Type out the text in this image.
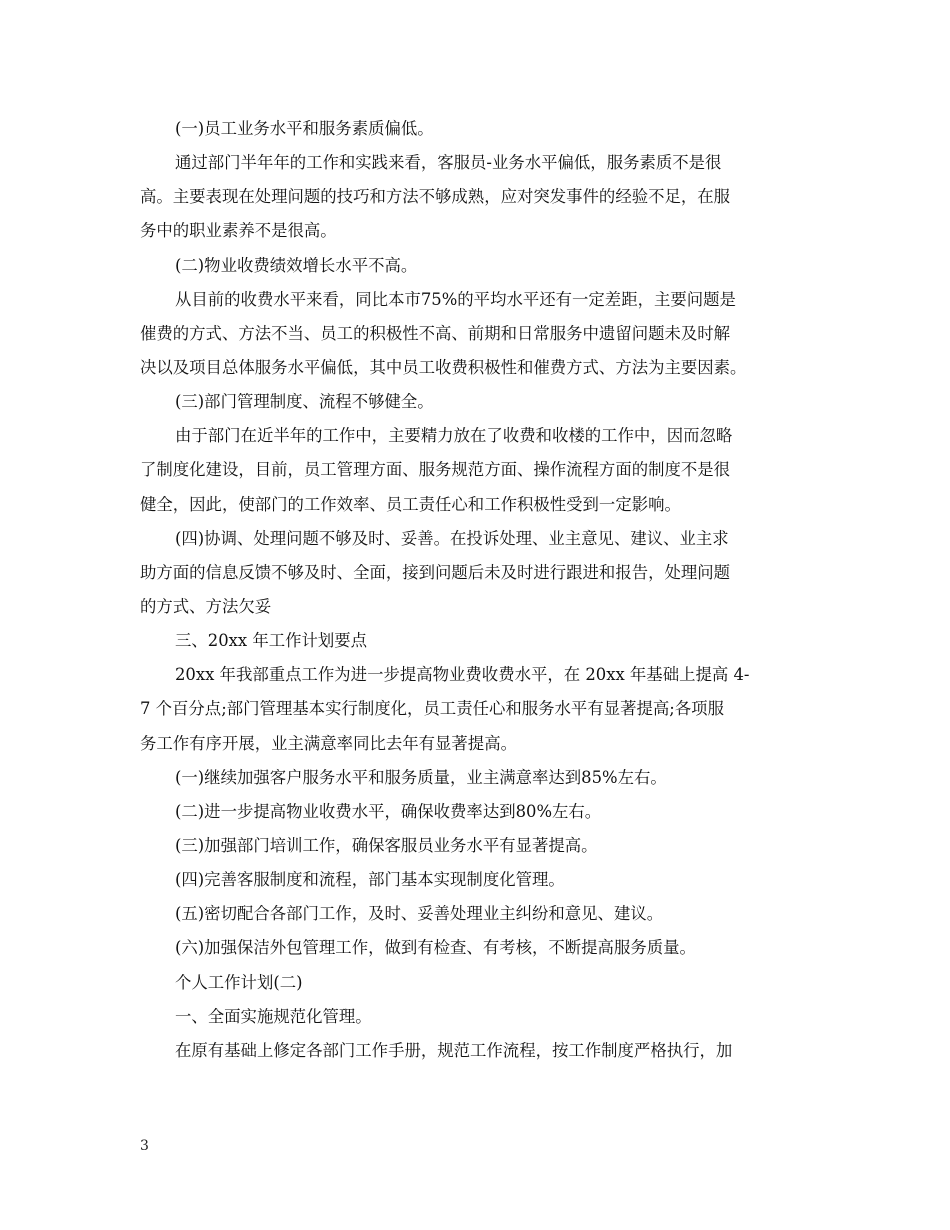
(一)员工业务水平和服务素质偏低。
通过部门半年年的工作和实践来看，客服员-业务水平偏低，服务素质不是很
高。主要表现在处理问题的技巧和方法不够成熟，应对突发事件的经验不足，在服
务中的职业素养不是很高。
(二)物业收费绩效增长水平不高。
从目前的收费水平来看，同比本市75%的平均水平还有一定差距，主要问题是
催费的方式、方法不当、员工的积极性不高、前期和日常服务中遗留问题未及时解
决以及项目总体服务水平偏低，其中员工收费积极性和催费方式、方法为主要因素。
(三)部门管理制度、流程不够健全。
由于部门在近半年的工作中，主要精力放在了收费和收楼的工作中，因而忽略
了制度化建设，目前，员工管理方面、服务规范方面、操作流程方面的制度不是很
健全，因此，使部门的工作效率、员工责任心和工作积极性受到一定影响。
(四)协调、处理问题不够及时、妥善。在投诉处理、业主意见、建议、业主求
助方面的信息反馈不够及时、全面，接到问题后未及时进行跟进和报告，处理问题
的方式、方法欠妥
三、20xx 年工作计划要点
20xx 年我部重点工作为进一步提高物业费收费水平，在 20xx 年基础上提高 4-
7 个百分点;部门管理基本实行制度化，员工责任心和服务水平有显著提高;各项服
务工作有序开展，业主满意率同比去年有显著提高。
(一)继续加强客户服务水平和服务质量，业主满意率达到85%左右。
(二)进一步提高物业收费水平，确保收费率达到80%左右。
(三)加强部门培训工作，确保客服员业务水平有显著提高。
(四)完善客服制度和流程，部门基本实现制度化管理。
(五)密切配合各部门工作，及时、妥善处理业主纠纷和意见、建议。
(六)加强保洁外包管理工作，做到有检查、有考核，不断提高服务质量。
个人工作计划(二)
一、全面实施规范化管理。
在原有基础上修定各部门工作手册，规范工作流程，按工作制度严格执行，加
3
